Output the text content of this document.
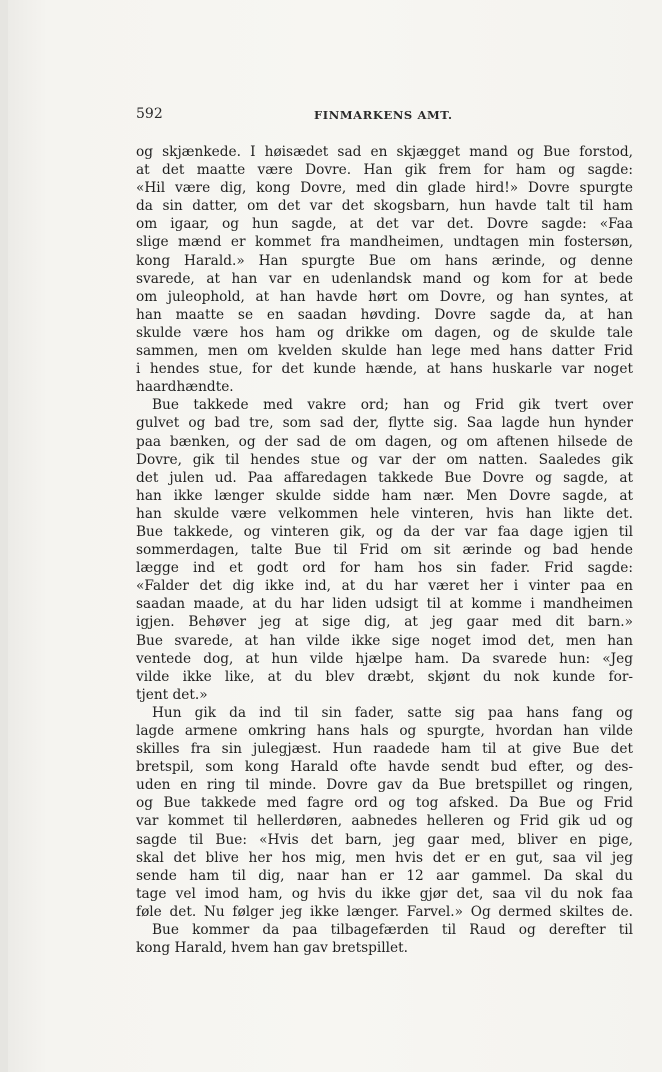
592	FINMARKENS AMT.

og skjænkede. I høisædet sad en skjægget mand og Bue forstod,
at det maatte være Dovre. Han gik frem for ham og sagde:
«Hil være dig, kong Dovre, med din glade hird!» Dovre spurgte
da sin datter, om det var det skogsbarn, hun havde talt til ham
om igaar, og hun sagde, at det var det. Dovre sagde: «Faa
slige mænd er kommet fra mandheimen, undtagen min fostersøn,
kong Harald.» Han spurgte Bue om hans ærinde, og denne
svarede, at han var en udenlandsk mand og kom for at bede
om juleophold, at han havde hørt om Dovre, og han syntes, at
han maatte se en saadan høvding. Dovre sagde da, at han
skulde være hos ham og drikke om dagen, og de skulde tale
sammen, men om kvelden skulde han lege med hans datter Frid
i hendes stue, for det kunde hænde, at hans huskarle var noget
haardhændte.
Bue takkede med vakre ord; han og Frid gik tvert over
gulvet og bad tre, som sad der, flytte sig. Saa lagde hun hynder
paa bænken, og der sad de om dagen, og om aftenen hilsede de
Dovre, gik til hendes stue og var der om natten. Saaledes gik
det julen ud. Paa affaredagen takkede Bue Dovre og sagde, at
han ikke længer skulde sidde ham nær. Men Dovre sagde, at
han skulde være velkommen hele vinteren, hvis han likte det.
Bue takkede, og vinteren gik, og da der var faa dage igjen til
sommerdagen, talte Bue til Frid om sit ærinde og bad hende
lægge ind et godt ord for ham hos sin fader. Frid sagde:
«Falder det dig ikke ind, at du har været her i vinter paa en
saadan maade, at du har liden udsigt til at komme i mandheimen
igjen. Behøver jeg at sige dig, at jeg gaar med dit barn.»
Bue svarede, at han vilde ikke sige noget imod det, men han
ventede dog, at hun vilde hjælpe ham. Da svarede hun: «Jeg
vilde ikke like, at du blev dræbt, skjønt du nok kunde for-
tjent det.»
Hun gik da ind til sin fader, satte sig paa hans fang og
lagde armene omkring hans hals og spurgte, hvordan han vilde
skilles fra sin julegjæst. Hun raadede ham til at give Bue det
bretspil, som kong Harald ofte havde sendt bud efter, og des-
uden en ring til minde. Dovre gav da Bue bretspillet og ringen,
og Bue takkede med fagre ord og tog afsked. Da Bue og Frid
var kommet til hellerdøren, aabnedes helleren og Frid gik ud og
sagde til Bue: «Hvis det barn, jeg gaar med, bliver en pige,
skal det blive her hos mig, men hvis det er en gut, saa vil jeg
sende ham til dig, naar han er 12 aar gammel. Da skal du
tage vel imod ham, og hvis du ikke gjør det, saa vil du nok faa
føle det. Nu følger jeg ikke længer. Farvel.» Og dermed skiltes de.
Bue kommer da paa tilbagefærden til Raud og derefter til
kong Harald, hvem han gav bretspillet.
